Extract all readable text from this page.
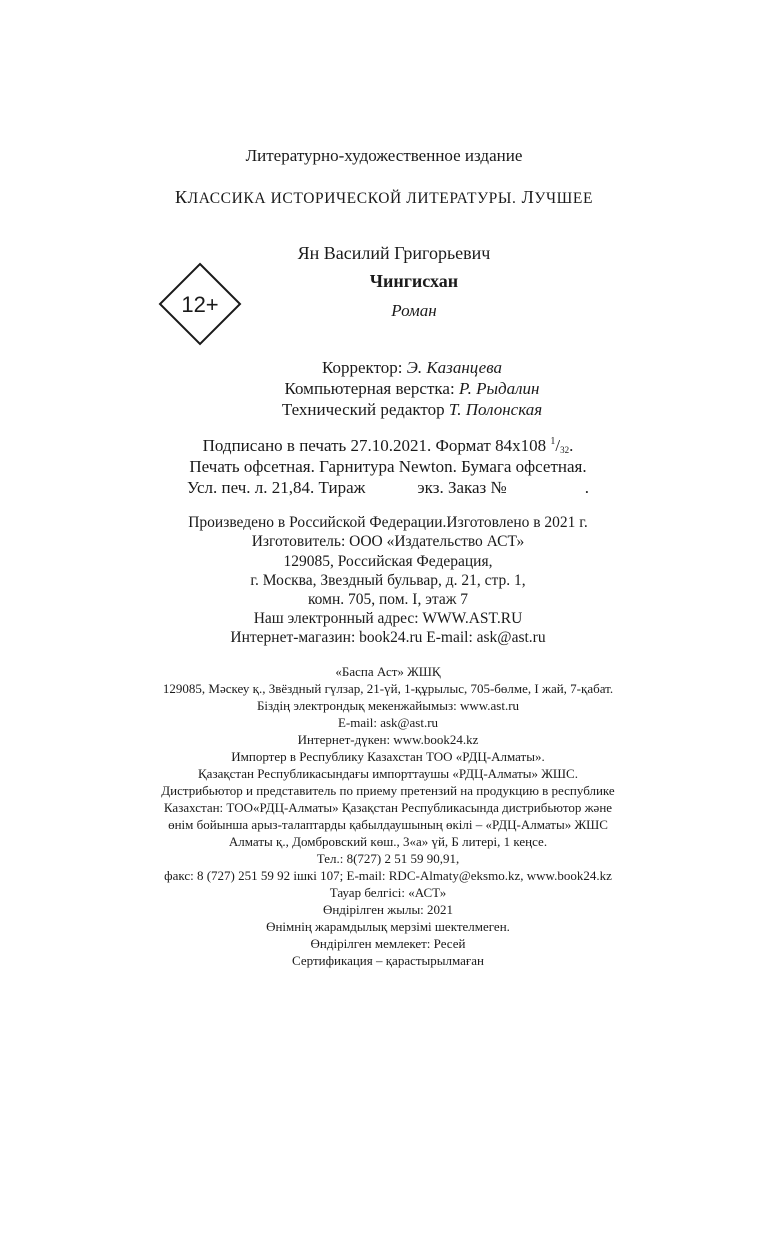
Литературно-художественное издание
КЛАССИКА ИСТОРИЧЕСКОЙ ЛИТЕРАТУРЫ. ЛУЧШЕЕ
12+
Ян Василий Григорьевич
Чингисхан
Роман
Корректор: Э. Казанцева
Компьютерная верстка: Р. Рыдалин
Технический редактор Т. Полонская
Подписано в печать 27.10.2021. Формат 84x108 $^1/_{32}$.
Печать офсетная. Гарнитура Newton. Бумага офсетная.
Усл. печ. л. 21,84. Тираж	экз. Заказ №	.
Произведено в Российской Федерации.Изготовлено в 2021 г.
Изготовитель: ООО «Издательство АСТ»
129085, Российская Федерация,
г. Москва, Звездный бульвар, д. 21, стр. 1,
комн. 705, пом. I, этаж 7
Наш электронный адрес: WWW.AST.RU
Интернет-магазин: book24.ru E-mail: ask@ast.ru
«Баспа Аст» ЖШҚ
129085, Мәскеу қ., Звёздный гүлзар, 21-үй, 1-құрылыс, 705-бөлме, I жай, 7-қабат.
Біздің электрондық мекенжайымыз: www.ast.ru
E-mail: ask@ast.ru
Интернет-дүкен: www.book24.kz
Импортер в Республику Казахстан ТОО «РДЦ-Алматы».
Қазақстан Республикасындағы импорттаушы «РДЦ-Алматы» ЖШС.
Дистрибьютор и представитель по приему претензий на продукцию в республике
Казахстан: ТОО«РДЦ-Алматы» Қазақстан Республикасында дистрибьютор және
өнім бойынша арыз-талаптарды қабылдаушының өкілі – «РДЦ-Алматы» ЖШС
Алматы қ., Домбровский көш., 3«а» үй, Б литері, 1 кеңсе.
Тел.: 8(727) 2 51 59 90,91,
факс: 8 (727) 251 59 92 ішкі 107; E-mail: RDC-Almaty@eksmo.kz, www.book24.kz
Тауар белгісі: «АСТ»
Өндірілген жылы: 2021
Өнімнің жарамдылық мерзімі шектелмеген.
Өндірілген мемлекет: Ресей
Сертификация – қарастырылмаған
